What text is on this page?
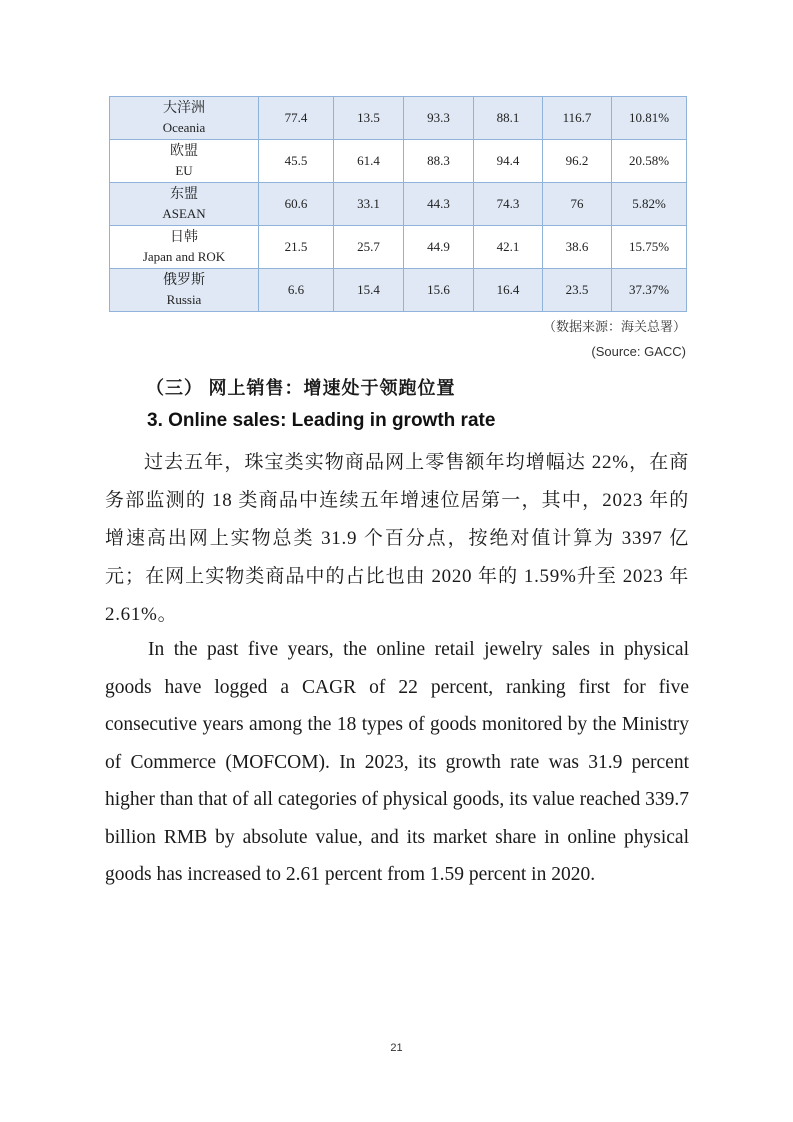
大洋洲
Oceania	77.4	13.5	93.3	88.1	116.7	10.81%

欧盟
EU	45.5	61.4	88.3	94.4	96.2	20.58%

东盟
ASEAN	60.6	33.1	44.3	74.3	76	5.82%

日韩
Japan and ROK	21.5	25.7	44.9	42.1	38.6	15.75%

俄罗斯
Russia	6.6	15.4	15.6	16.4	23.5	37.37%
（数据来源：海关总署）
(Source: GACC)
（三） 网上销售：增速处于领跑位置
3. Online sales: Leading in growth rate

过去五年，珠宝类实物商品网上零售额年均增幅达 22%，在商务部监测的 18 类商品中连续五年增速位居第一，其中，2023 年的增速高出网上实物总类 31.9 个百分点，按绝对值计算为 3397 亿元；在网上实物类商品中的占比也由 2020 年的 1.59%升至 2023 年 2.61%。

In the past five years, the online retail jewelry sales in physical goods have logged a CAGR of 22 percent, ranking first for five consecutive years among the 18 types of goods monitored by the Ministry of Commerce (MOFCOM). In 2023, its growth rate was 31.9 percent higher than that of all categories of physical goods, its value reached 339.7 billion RMB by absolute value, and its market share in online physical goods has increased to 2.61 percent from 1.59 percent in 2020.

21
